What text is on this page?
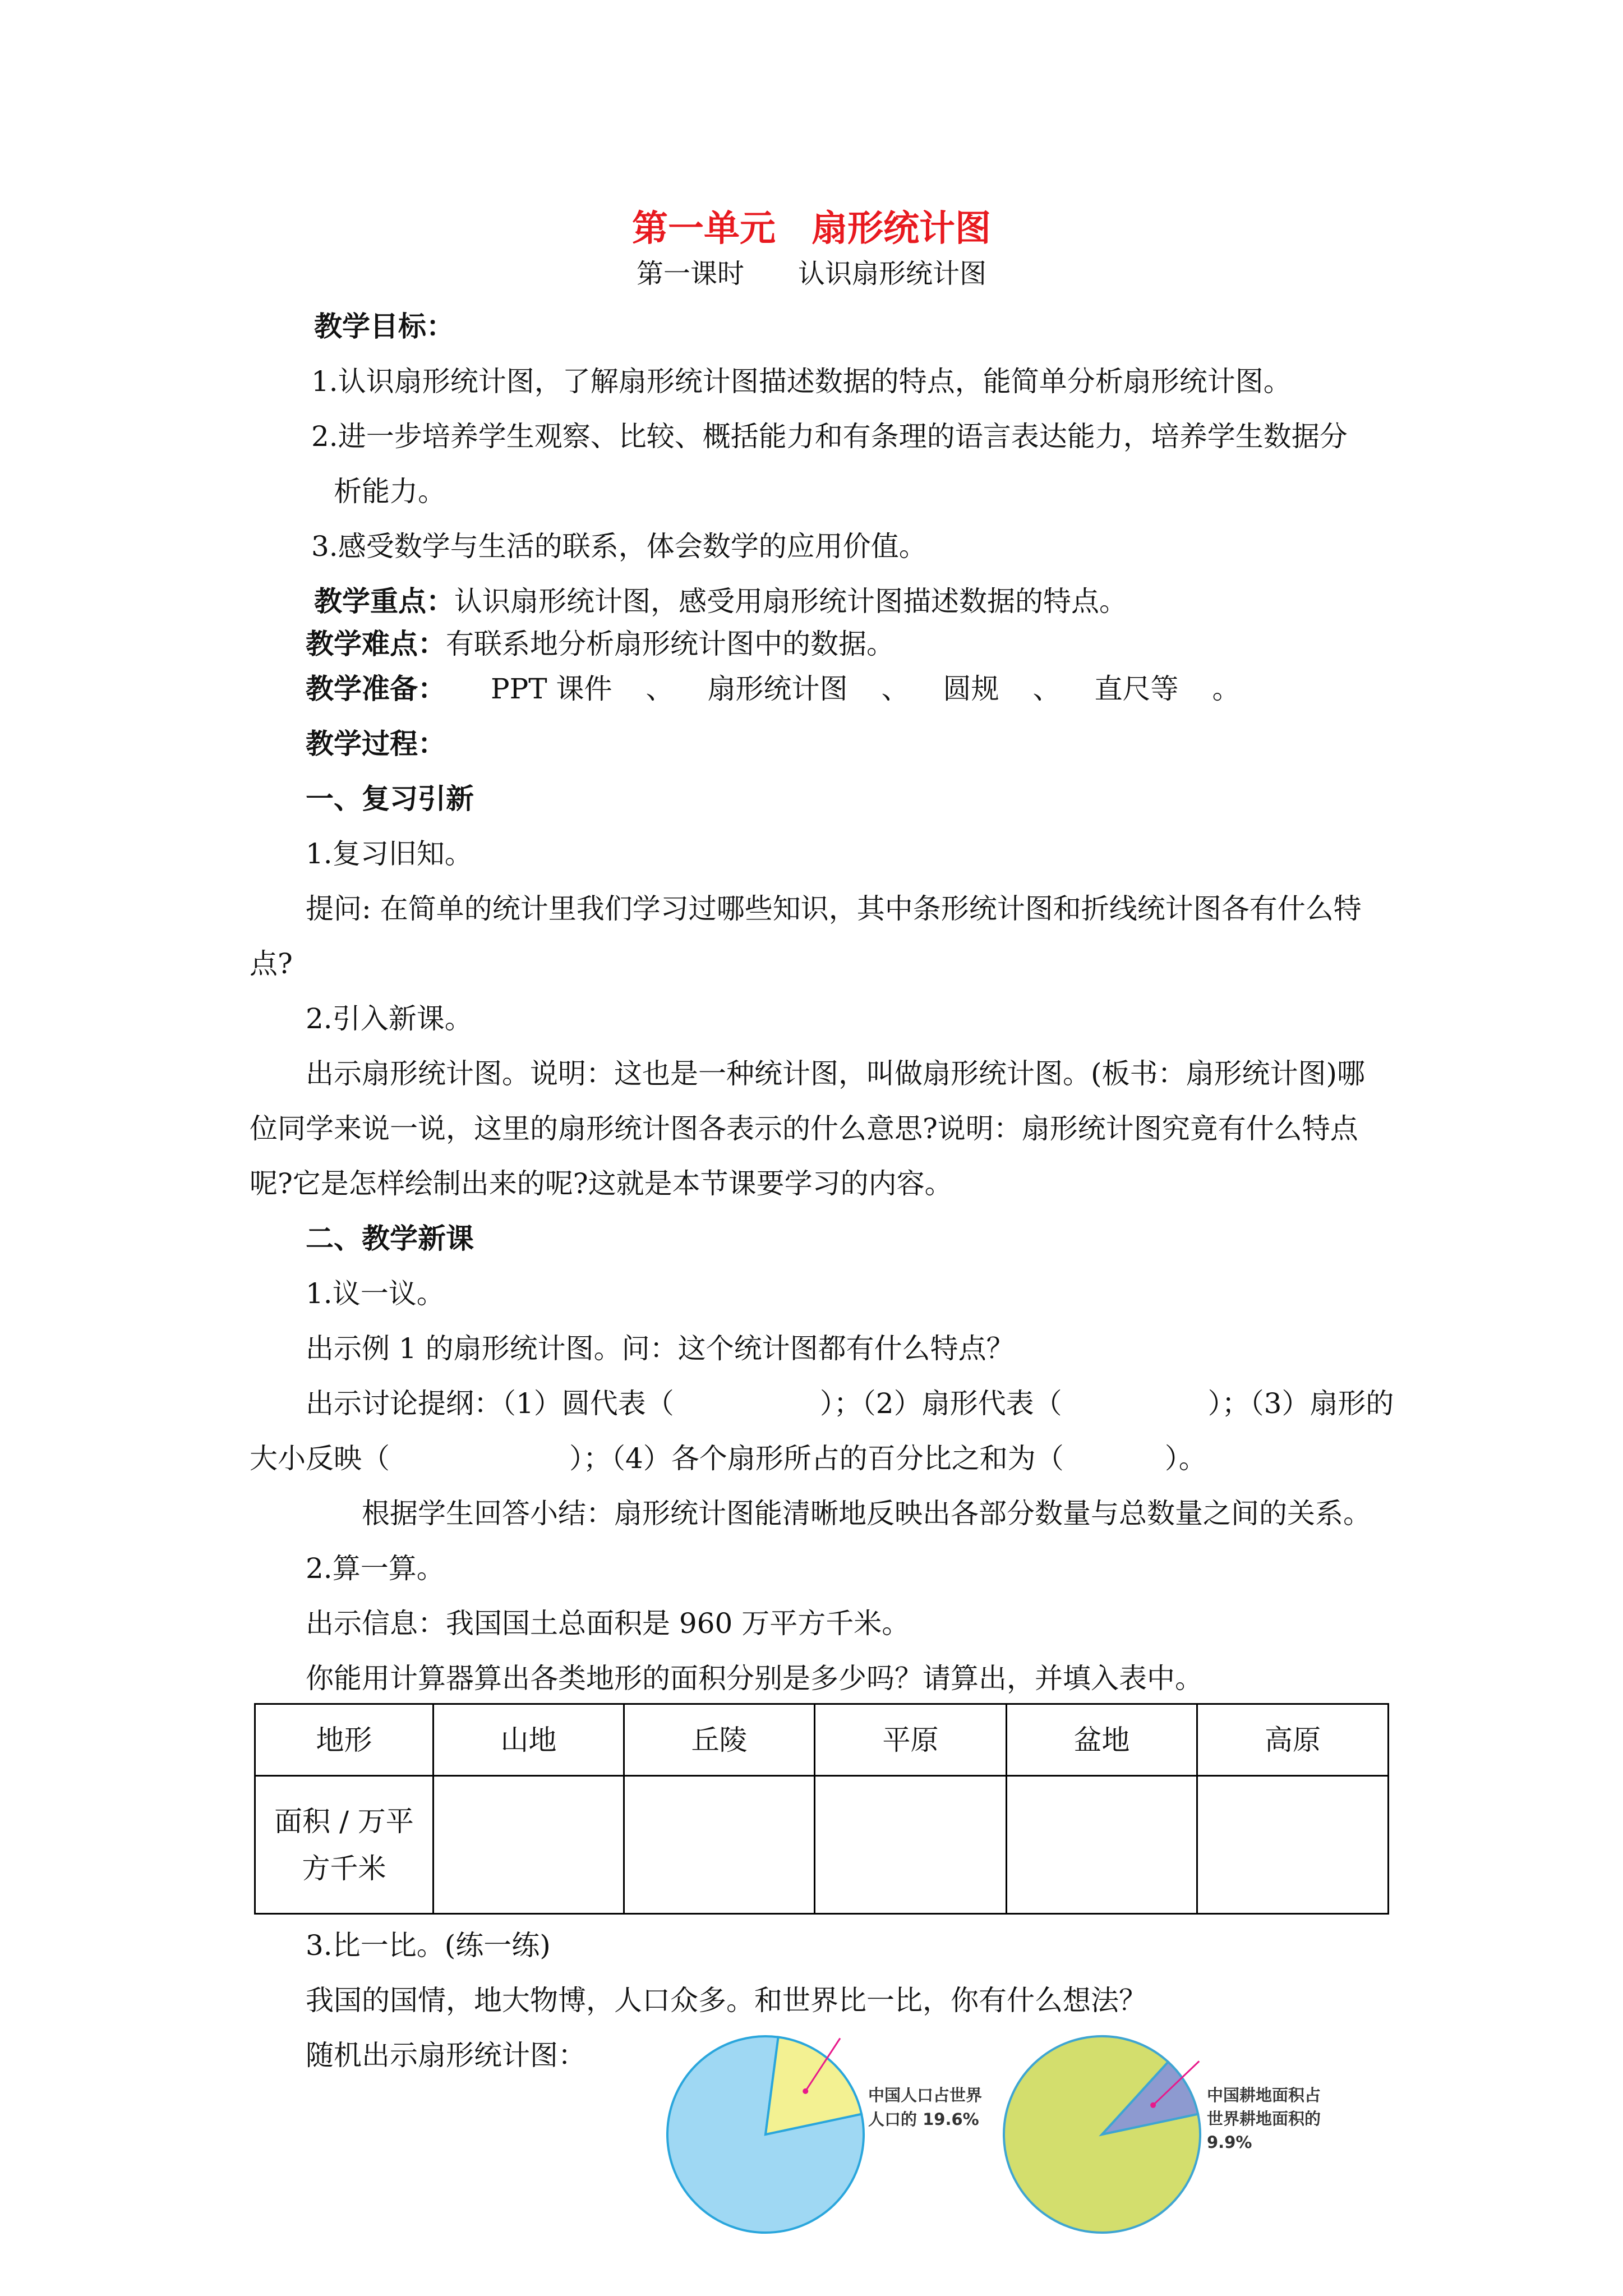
第一单元　扇形统计图
第一课时　　认识扇形统计图
教学目标：
1.认识扇形统计图，了解扇形统计图描述数据的特点，能简单分析扇形统计图。
2.进一步培养学生观察、比较、概括能力和有条理的语言表达能力，培养学生数据分
析能力。
3.感受数学与生活的联系，体会数学的应用价值。
教学重点：认识扇形统计图，感受用扇形统计图描述数据的特点。
教学难点：有联系地分析扇形统计图中的数据。
教学准备： PPT 课件 、 扇形统计图 、 圆规 、 直尺等 。
教学过程：
一、复习引新
1.复习旧知。
提问: 在简单的统计里我们学习过哪些知识，其中条形统计图和折线统计图各有什么特
点?
2.引入新课。
出示扇形统计图。说明：这也是一种统计图，叫做扇形统计图。(板书：扇形统计图)哪
位同学来说一说，这里的扇形统计图各表示的什么意思?说明：扇形统计图究竟有什么特点
呢?它是怎样绘制出来的呢?这就是本节课要学习的内容。
二、教学新课
1.议一议。
出示例 1 的扇形统计图。问：这个统计图都有什么特点？
出示讨论提纲：（1）圆代表（	）；（2）扇形代表（	）；（3）扇形的
大小反映（	）；（4）各个扇形所占的百分比之和为（	）。
根据学生回答小结：扇形统计图能清晰地反映出各部分数量与总数量之间的关系。
2.算一算。
出示信息：我国国土总面积是 960 万平方千米。
你能用计算器算出各类地形的面积分别是多少吗？请算出，并填入表中。
地形	山地	丘陵	平原	盆地	高原

面积 / 万平
方千米					

3.比一比。(练一练)
我国的国情，地大物博，人口众多。和世界比一比，你有什么想法？
随机出示扇形统计图：
中国人口占世界
人口的 19.6%
中国耕地面积占
世界耕地面积的
9.9%
